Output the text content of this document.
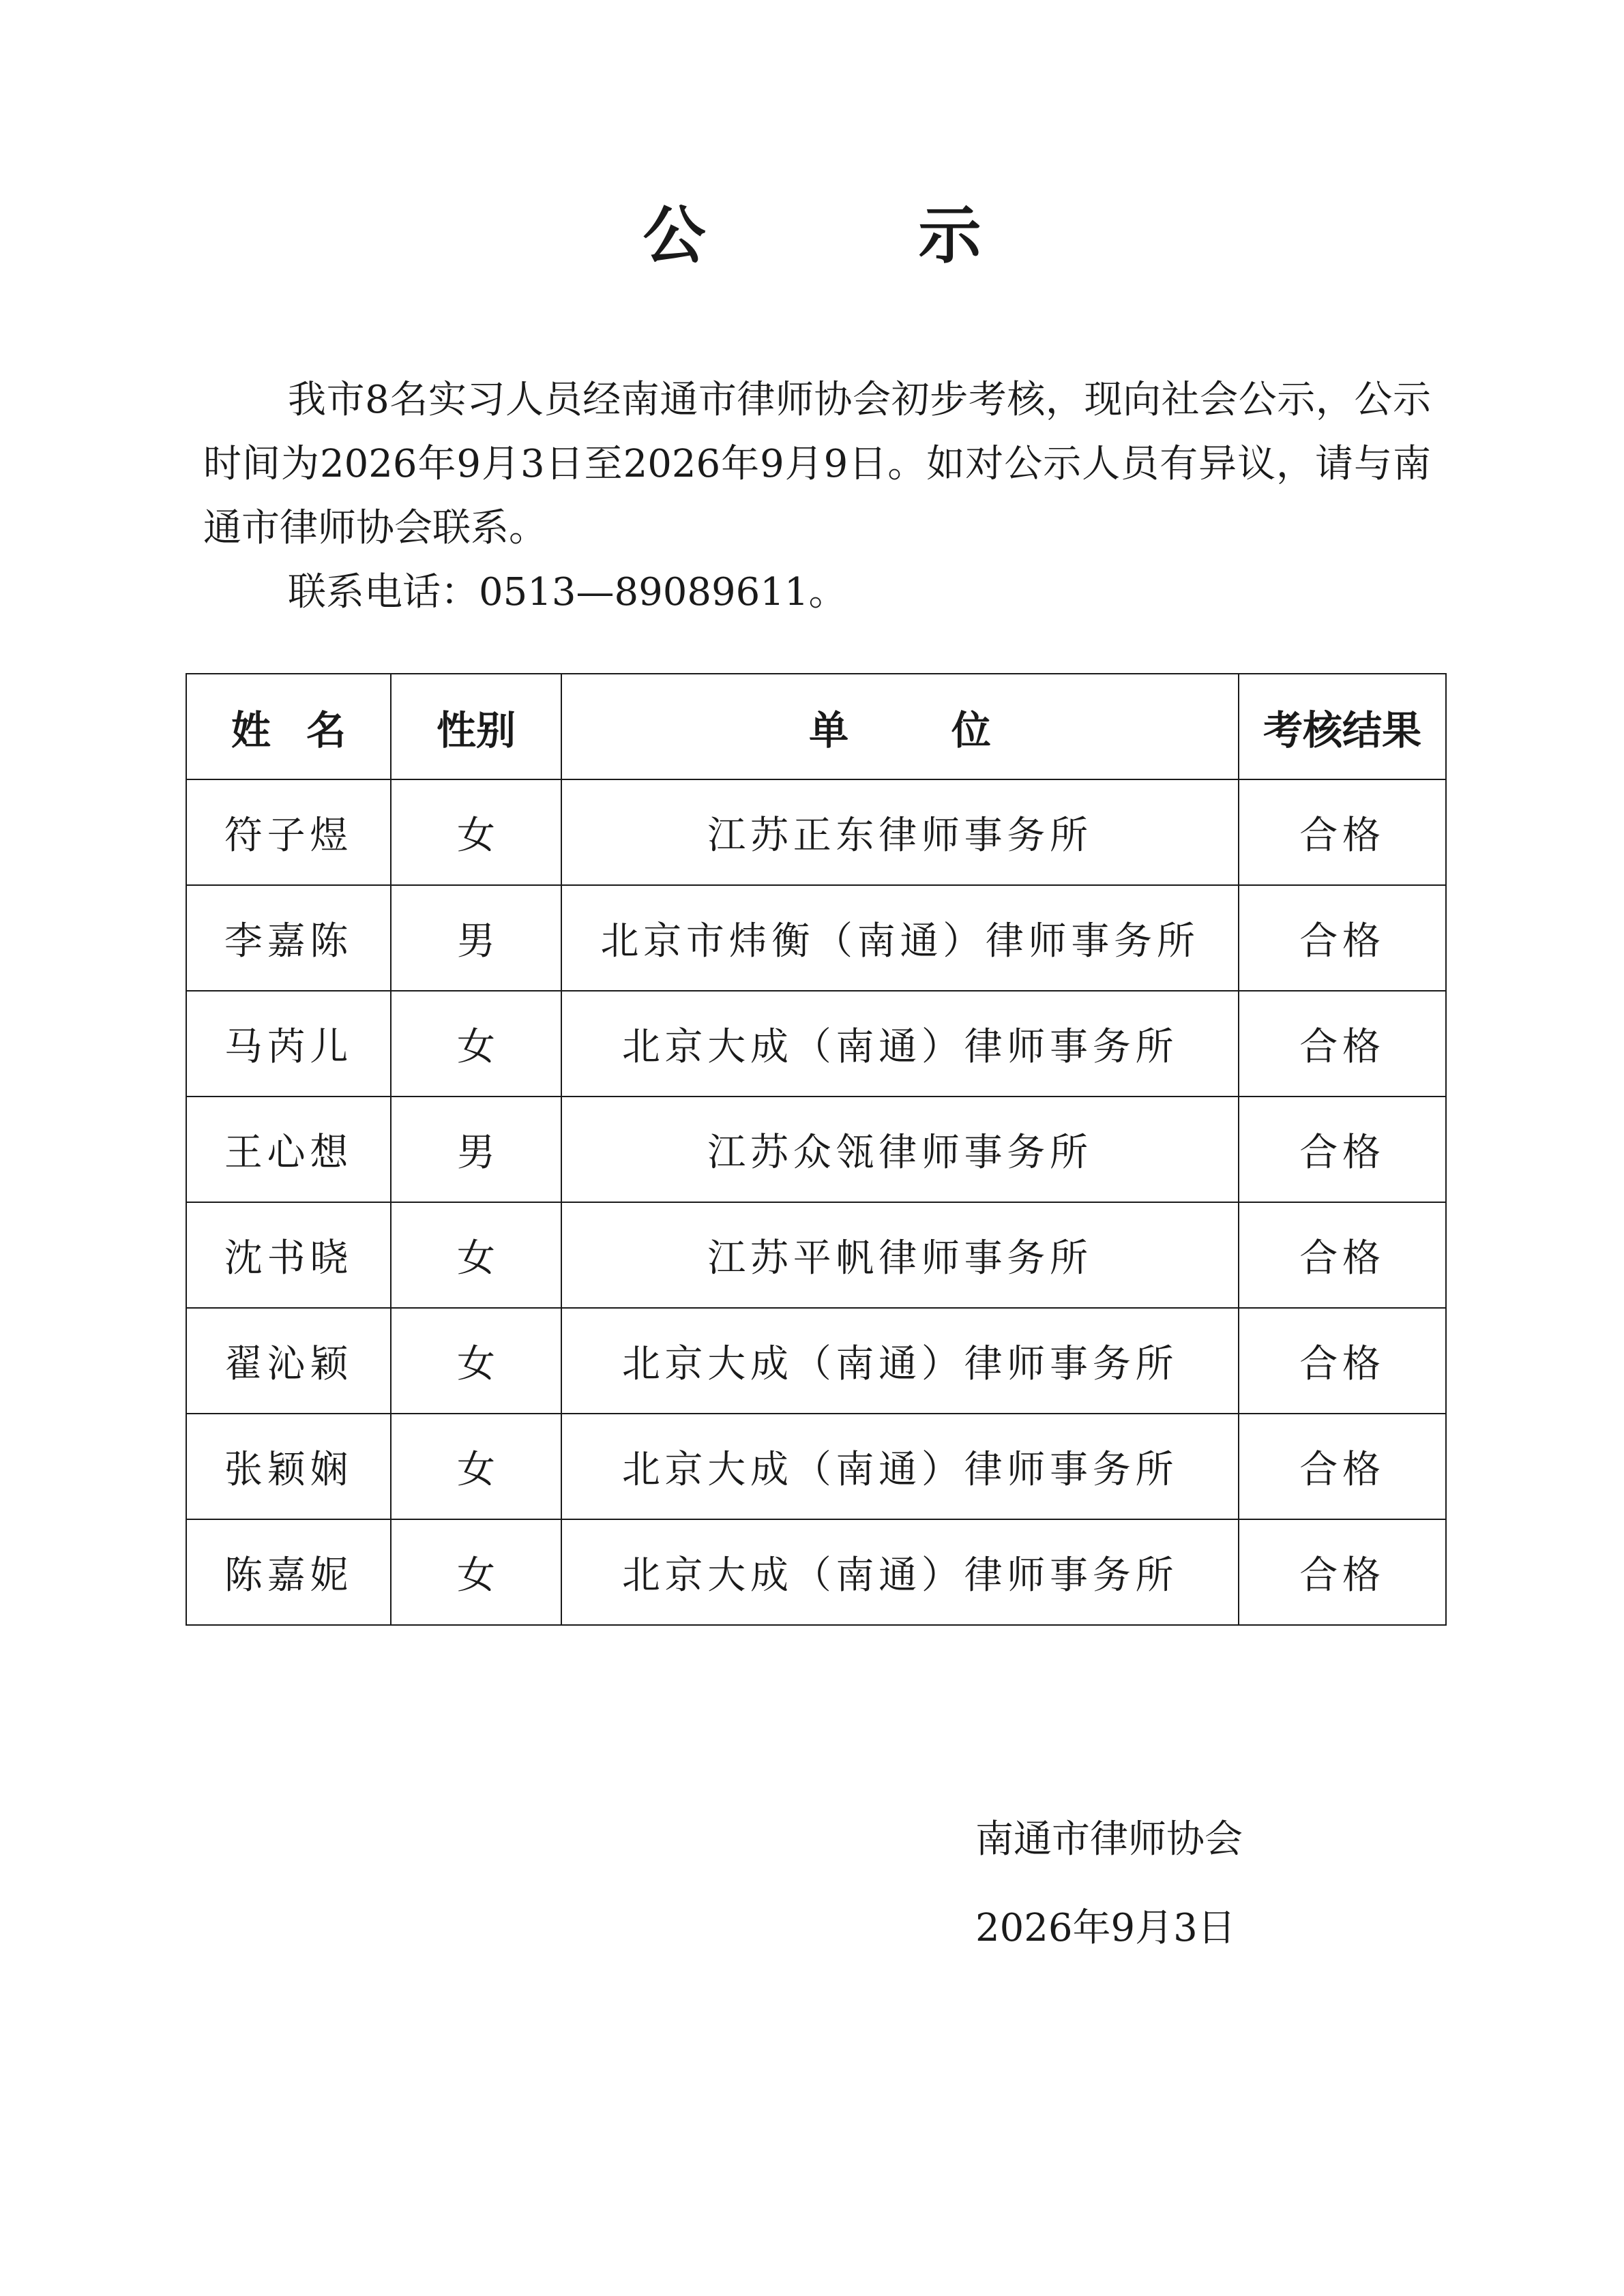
公　示

我市8名实习人员经南通市律师协会初步考核，现向社会公示，公示时间为2026年9月3日至2026年9月9日。如对公示人员有异议，请与南通市律师协会联系。

联系电话：0513—89089611。

姓名	性别	单位	考核结果
符子煜	女	江苏正东律师事务所	合格
李嘉陈	男	北京市炜衡（南通）律师事务所	合格
马芮儿	女	北京大成（南通）律师事务所	合格
王心想	男	江苏众瓴律师事务所	合格
沈书晓	女	江苏平帆律师事务所	合格
翟沁颖	女	北京大成（南通）律师事务所	合格
张颖娴	女	北京大成（南通）律师事务所	合格
陈嘉妮	女	北京大成（南通）律师事务所	合格
南通市律师协会
2026年9月3日
